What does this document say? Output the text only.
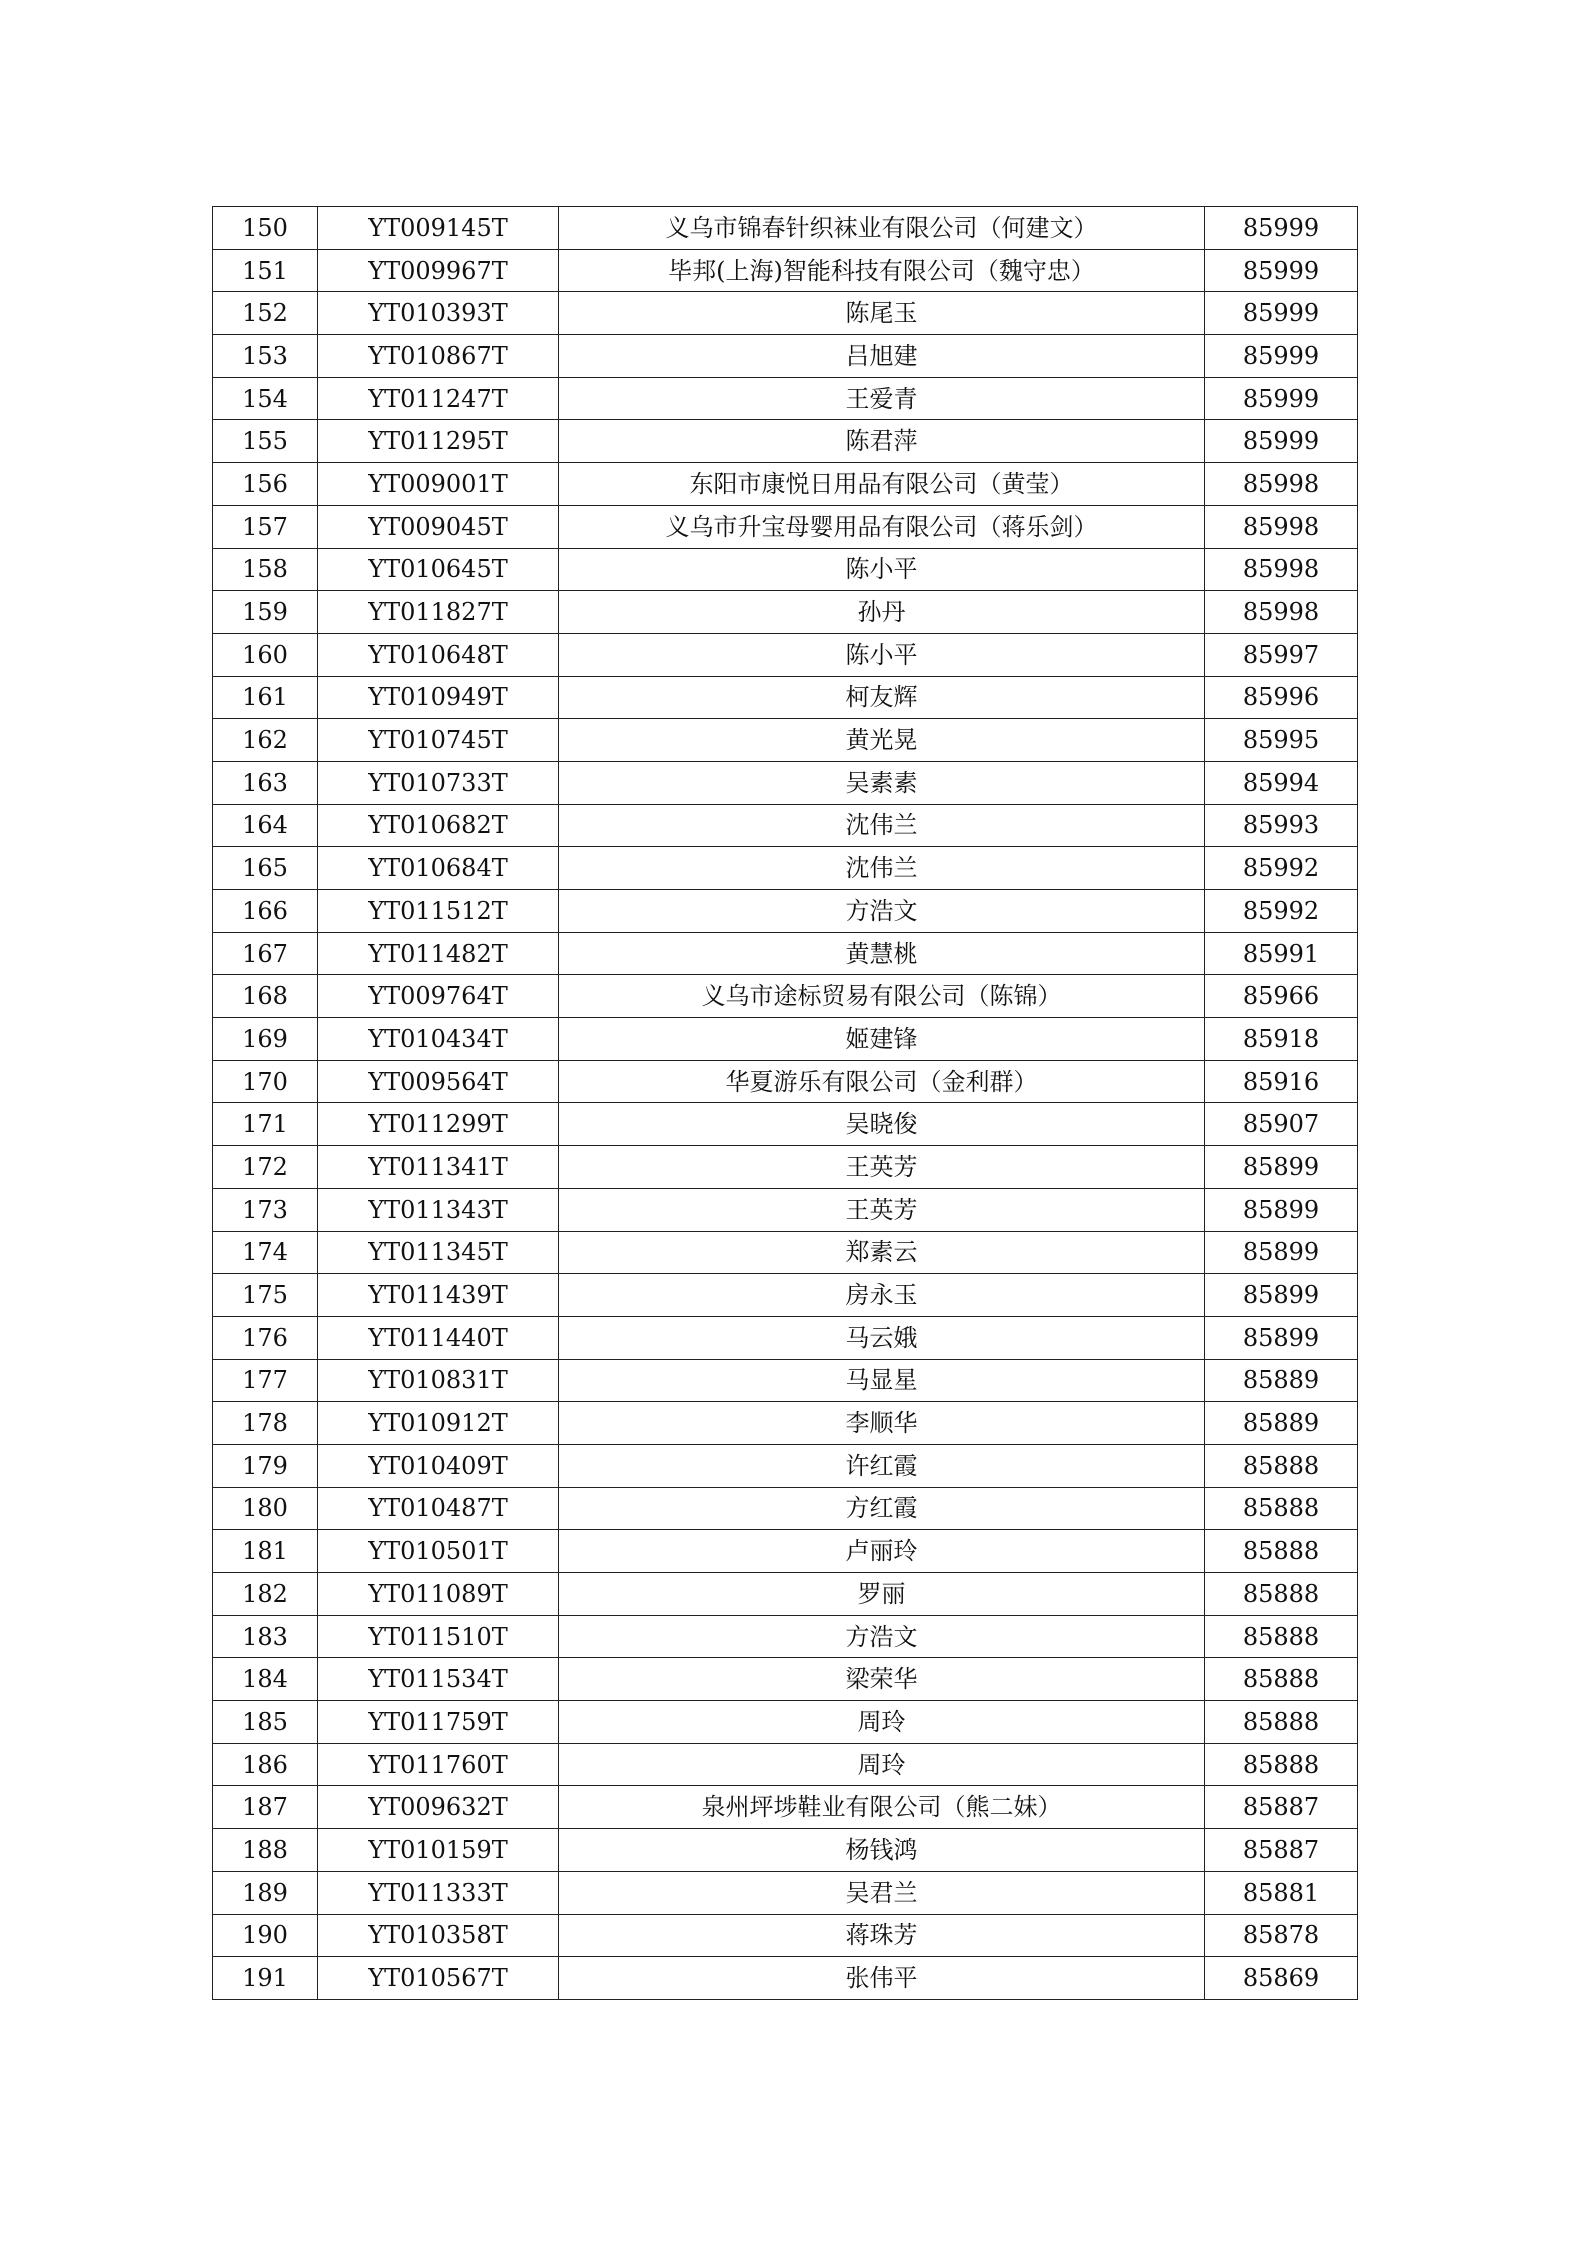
150	YT009145T	义乌市锦春针织袜业有限公司（何建文）	85999
151	YT009967T	毕邦(上海)智能科技有限公司（魏守忠）	85999
152	YT010393T	陈尾玉	85999
153	YT010867T	吕旭建	85999
154	YT011247T	王爱青	85999
155	YT011295T	陈君萍	85999
156	YT009001T	东阳市康悦日用品有限公司（黄莹）	85998
157	YT009045T	义乌市升宝母婴用品有限公司（蒋乐剑）	85998
158	YT010645T	陈小平	85998
159	YT011827T	孙丹	85998
160	YT010648T	陈小平	85997
161	YT010949T	柯友辉	85996
162	YT010745T	黄光晃	85995
163	YT010733T	吴素素	85994
164	YT010682T	沈伟兰	85993
165	YT010684T	沈伟兰	85992
166	YT011512T	方浩文	85992
167	YT011482T	黄慧桃	85991
168	YT009764T	义乌市途标贸易有限公司（陈锦）	85966
169	YT010434T	姬建锋	85918
170	YT009564T	华夏游乐有限公司（金利群）	85916
171	YT011299T	吴晓俊	85907
172	YT011341T	王英芳	85899
173	YT011343T	王英芳	85899
174	YT011345T	郑素云	85899
175	YT011439T	房永玉	85899
176	YT011440T	马云娥	85899
177	YT010831T	马显星	85889
178	YT010912T	李顺华	85889
179	YT010409T	许红霞	85888
180	YT010487T	方红霞	85888
181	YT010501T	卢丽玲	85888
182	YT011089T	罗丽	85888
183	YT011510T	方浩文	85888
184	YT011534T	梁荣华	85888
185	YT011759T	周玲	85888
186	YT011760T	周玲	85888
187	YT009632T	泉州坪埗鞋业有限公司（熊二妹）	85887
188	YT010159T	杨钱鸿	85887
189	YT011333T	吴君兰	85881
190	YT010358T	蒋珠芳	85878
191	YT010567T	张伟平	85869
